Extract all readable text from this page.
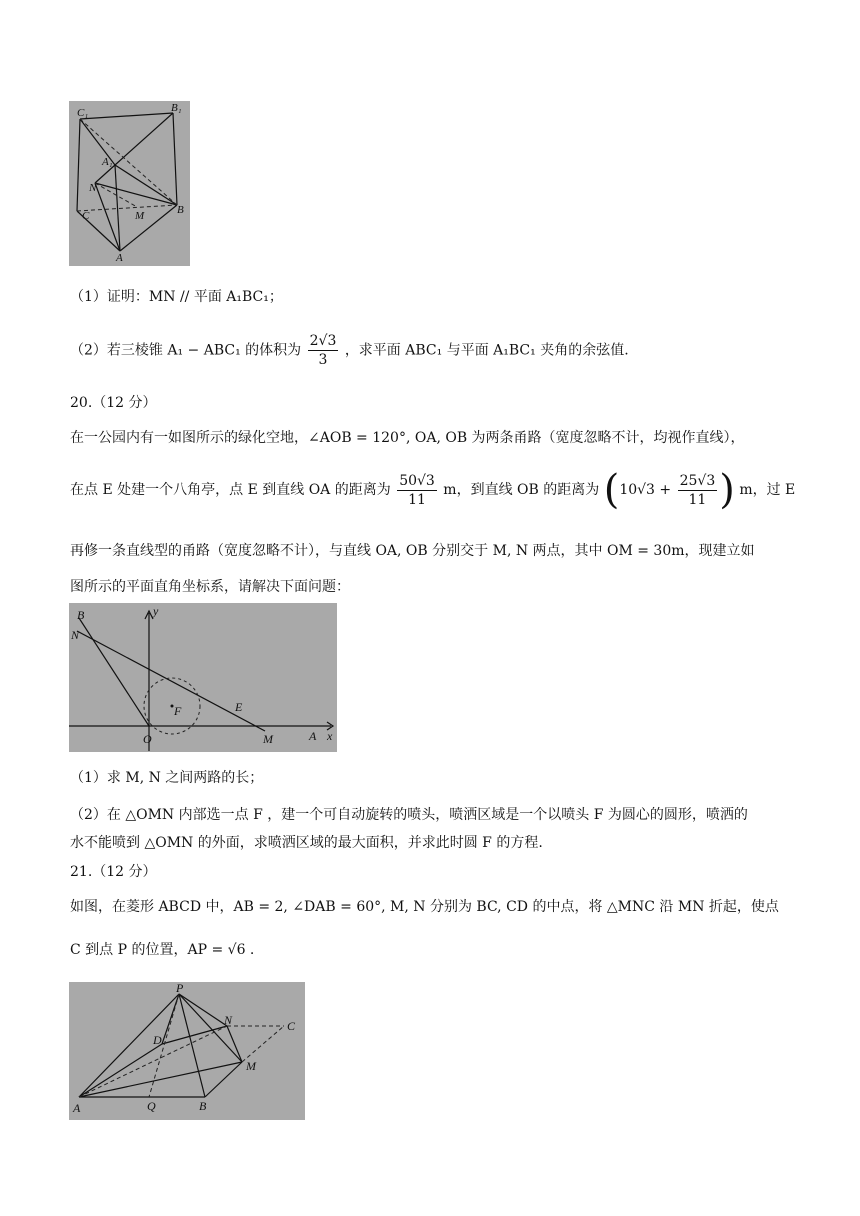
C₁	B₁
A₁
N
C	M	B
A
（1）证明：MN // 平面 A₁BC₁；
（2）若三棱锥 A₁ − ABC₁ 的体积为 $\frac{2√3}{3}$ ，求平面 ABC₁ 与平面 A₁BC₁ 夹角的余弦值.
20.（12 分）
在一公园内有一如图所示的绿化空地，∠AOB = 120°, OA, OB 为两条甬路（宽度忽略不计，均视作直线），
在点 E 处建一个八角亭，点 E 到直线 OA 的距离为 $\frac{50√3}{11}$ m，到直线 OB 的距离为 ($10√3 + \frac{25√3}{11}$ ) m，过 E
再修一条直线型的甬路（宽度忽略不计），与直线 OA, OB 分别交于 M, N 两点，其中 OM = 30m，现建立如
图所示的平面直角坐标系，请解决下面问题：
B	y
N
F	E
O	M	A x
（1）求 M, N 之间两路的长；
（2）在 △OMN 内部选一点 F ，建一个可自动旋转的喷头，喷洒区域是一个以喷头 F 为圆心的圆形，喷洒的
水不能喷到 △OMN 的外面，求喷洒区域的最大面积，并求此时圆 F 的方程.
21.（12 分）
如图，在菱形 ABCD 中，AB = 2, ∠DAB = 60°, M, N 分别为 BC, CD 的中点，将 △MNC 沿 MN 折起，使点
C 到点 P 的位置，AP = √6 .
P
N	C
D
M
A	Q	B
